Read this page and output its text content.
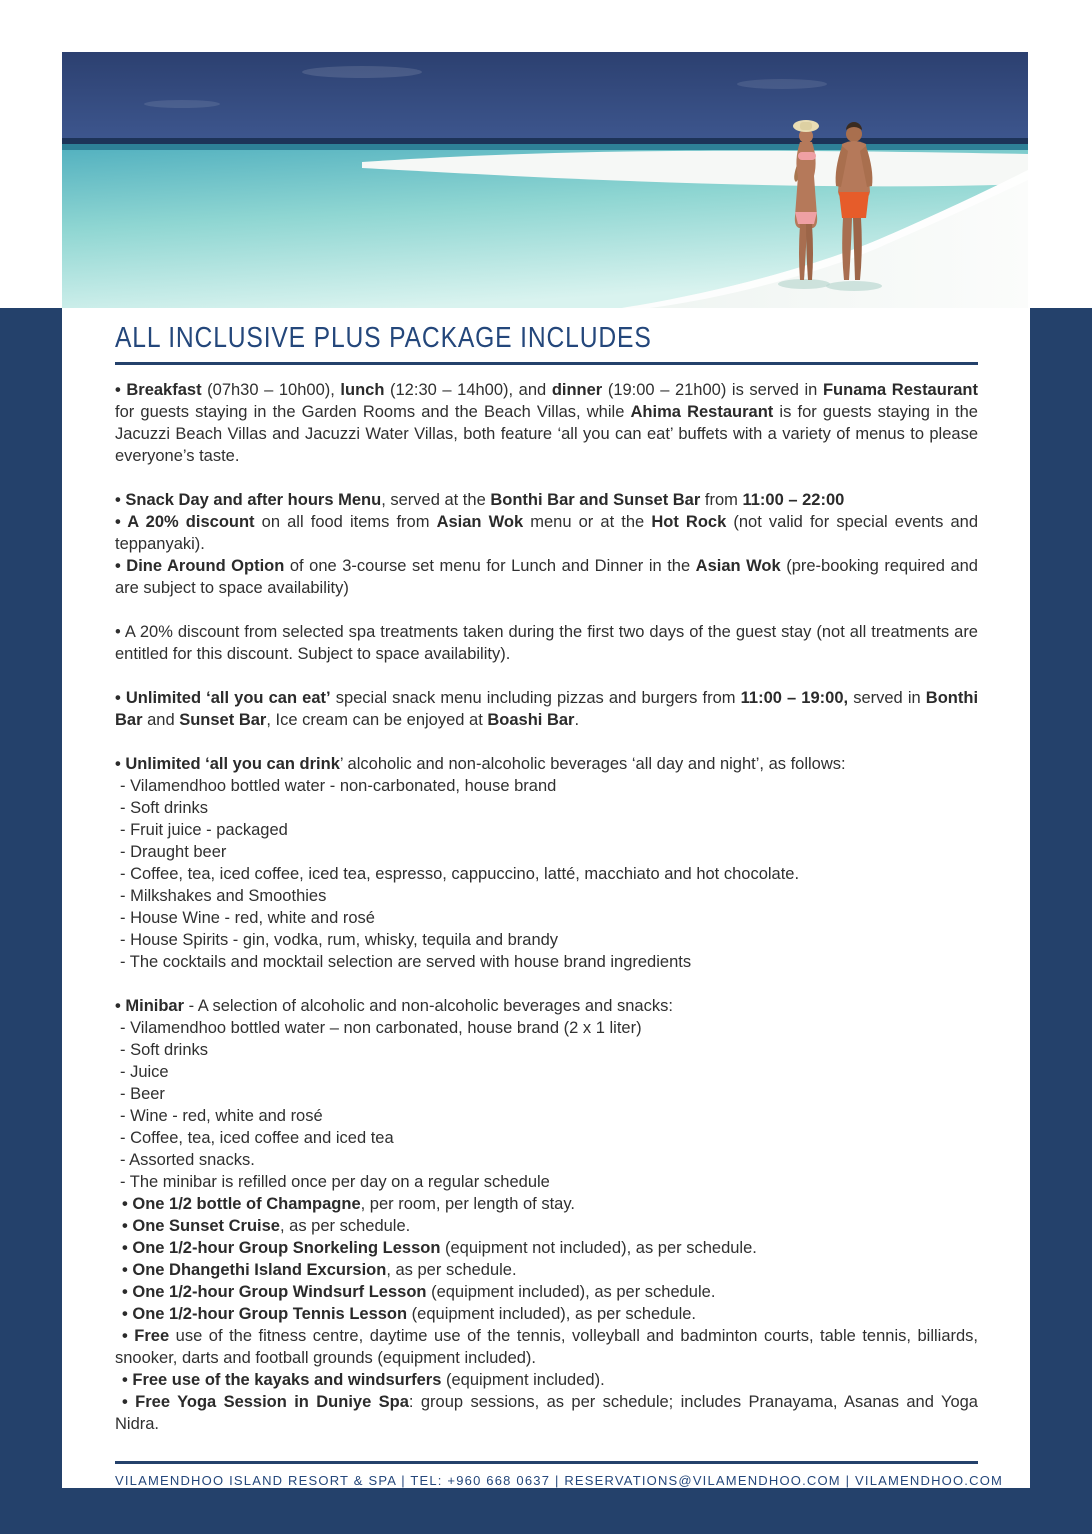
ALL INCLUSIVE PLUS PACKAGE INCLUDES

• Breakfast (07h30 – 10h00), lunch (12:30 – 14h00), and dinner (19:00 – 21h00) is served in Funama Restaurant for guests staying in the Garden Rooms and the Beach Villas, while Ahima Restaurant is for guests staying in the Jacuzzi Beach Villas and Jacuzzi Water Villas, both feature ‘all you can eat’ buffets with a variety of menus to please everyone’s taste.

• Snack Day and after hours Menu, served at the Bonthi Bar and Sunset Bar from 11:00 – 22:00

• A 20% discount on all food items from Asian Wok menu or at the Hot Rock (not valid for special events and teppanyaki).

• Dine Around Option of one 3-course set menu for Lunch and Dinner in the Asian Wok (pre-booking required and are subject to space availability)

• A 20% discount from selected spa treatments taken during the first two days of the guest stay (not all treatments are entitled for this discount. Subject to space availability).

• Unlimited ‘all you can eat’ special snack menu including pizzas and burgers from 11:00 – 19:00, served in Bonthi Bar and Sunset Bar, Ice cream can be enjoyed at Boashi Bar.

• Unlimited ‘all you can drink’ alcoholic and non-alcoholic beverages ‘all day and night’, as follows:

- Vilamendhoo bottled water - non-carbonated, house brand

- Soft drinks

- Fruit juice - packaged

- Draught beer

- Coffee, tea, iced coffee, iced tea, espresso, cappuccino, latté, macchiato and hot chocolate.

- Milkshakes and Smoothies

- House Wine - red, white and rosé

- House Spirits - gin, vodka, rum, whisky, tequila and brandy

- The cocktails and mocktail selection are served with house brand ingredients

• Minibar - A selection of alcoholic and non-alcoholic beverages and snacks:

- Vilamendhoo bottled water – non carbonated, house brand (2 x 1 liter)

- Soft drinks

- Juice

- Beer

- Wine - red, white and rosé

- Coffee, tea, iced coffee and iced tea

- Assorted snacks.

- The minibar is refilled once per day on a regular schedule

• One 1/2 bottle of Champagne, per room, per length of stay.

• One Sunset Cruise, as per schedule.

• One 1/2-hour Group Snorkeling Lesson (equipment not included), as per schedule.

• One Dhangethi Island Excursion, as per schedule.

• One 1/2-hour Group Windsurf Lesson (equipment included), as per schedule.

• One 1/2-hour Group Tennis Lesson (equipment included), as per schedule.

• Free use of the fitness centre, daytime use of the tennis, volleyball and badminton courts, table tennis, billiards, snooker, darts and football grounds (equipment included).

• Free use of the kayaks and windsurfers (equipment included).

• Free Yoga Session in Duniye Spa: group sessions, as per schedule; includes Pranayama, Asanas and Yoga Nidra.

VILAMENDHOO ISLAND RESORT & SPA | TEL: +960 668 0637 | RESERVATIONS@VILAMENDHOO.COM | VILAMENDHOO.COM
